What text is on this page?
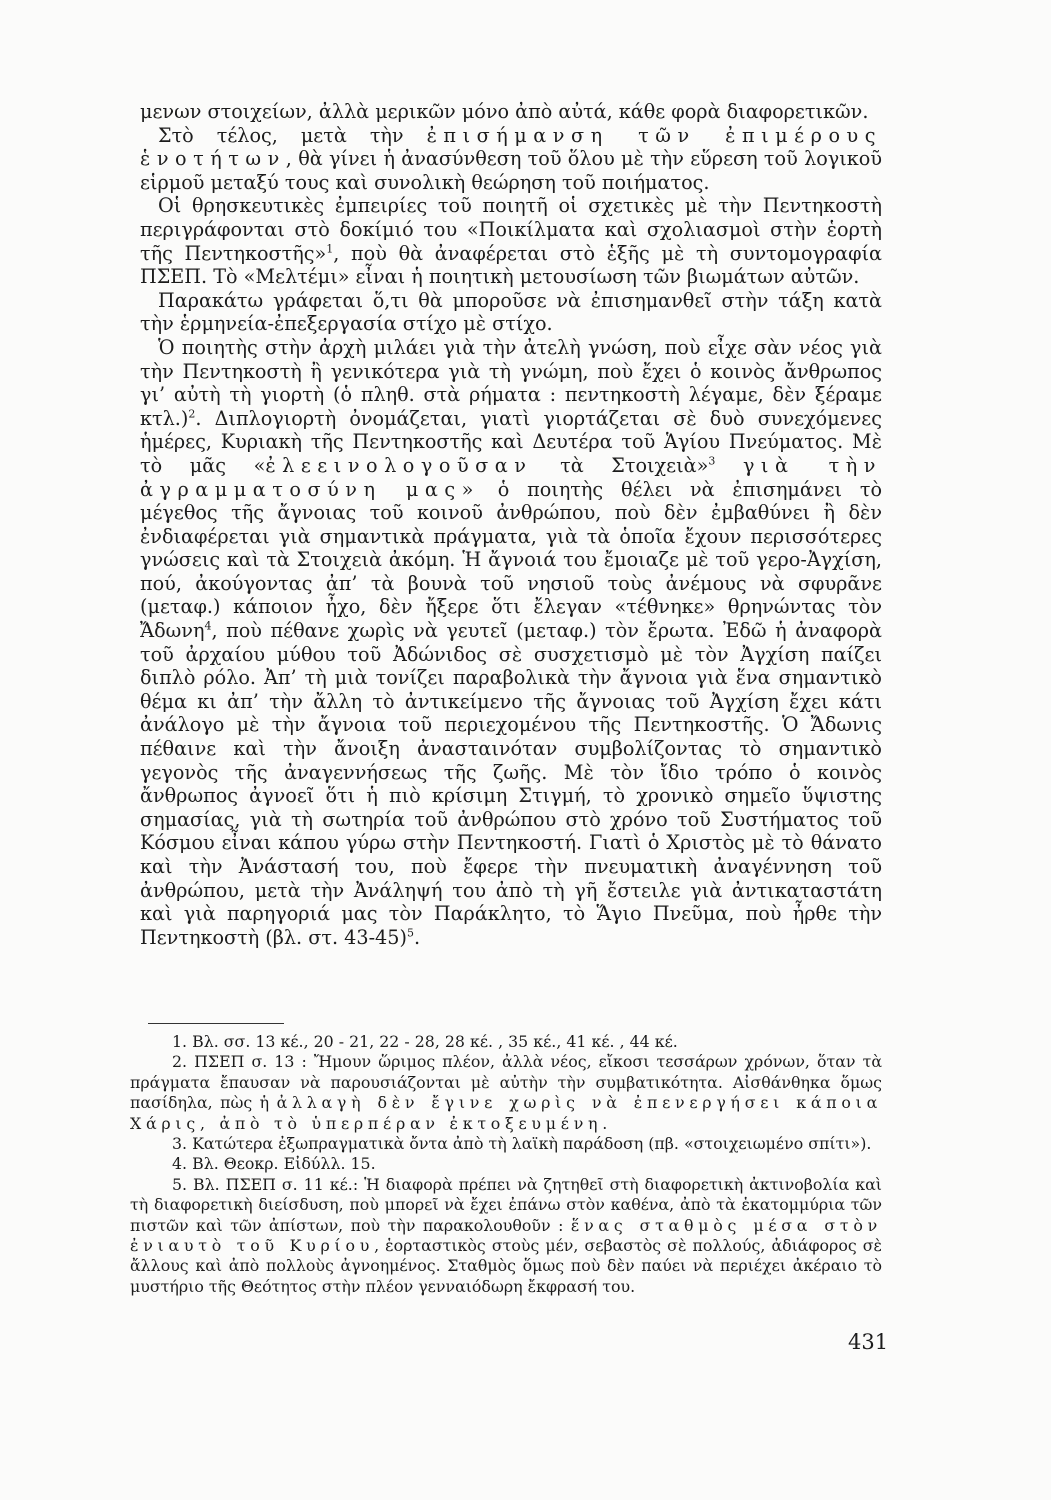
μενων στοιχείων, ἀλλὰ μερικῶν μόνο ἀπὸ αὐτά, κάθε φορὰ διαφορετικῶν.

Στὸ τέλος, μετὰ τὴν ἐπισήμανση τῶν ἐπιμέρους ἑνοτήτων, θὰ γίνει ἡ ἀνασύνθεση τοῦ ὅλου μὲ τὴν εὕρεση τοῦ λογικοῦ εἱρμοῦ μεταξύ τους καὶ συνολικὴ θεώρηση τοῦ ποιήματος.

Οἱ θρησκευτικὲς ἐμπειρίες τοῦ ποιητῆ οἱ σχετικὲς μὲ τὴν Πεντηκοστὴ περιγράφονται στὸ δοκίμιό του «Ποικίλματα καὶ σχολιασμοὶ στὴν ἑορτὴ τῆς Πεντηκοστῆς»$^1$, ποὺ θὰ ἀναφέρεται στὸ ἑξῆς μὲ τὴ συντομογραφία ΠΣΕΠ. Τὸ «Μελτέμι» εἶναι ἡ ποιητικὴ μετουσίωση τῶν βιωμάτων αὐτῶν.

Παρακάτω γράφεται ὅ,τι θὰ μποροῦσε νὰ ἐπισημανθεῖ στὴν τάξη κατὰ τὴν ἑρμηνεία-ἐπεξεργασία στίχο μὲ στίχο.

Ὁ ποιητὴς στὴν ἀρχὴ μιλάει γιὰ τὴν ἀτελὴ γνώση, ποὺ εἶχε σὰν νέος γιὰ τὴν Πεντηκοστὴ ἢ γενικότερα γιὰ τὴ γνώμη, ποὺ ἔχει ὁ κοινὸς ἄνθρωπος γι’ αὐτὴ τὴ γιορτὴ (ὁ πληθ. στὰ ρήματα : πεντηκοστὴ λέγαμε, δὲν ξέραμε κτλ.)$^2$. Διπλογιορτὴ ὀνομάζεται, γιατὶ γιορτάζεται σὲ δυὸ συνεχόμενες ἡμέρες, Κυριακὴ τῆς Πεντηκοστῆς καὶ Δευτέρα τοῦ Ἁγίου Πνεύματος. Μὲ τὸ μᾶς «ἐλεεινολογοῦσαν τὰ Στοιχειὰ»$^3$ γιὰ τὴν ἀγραμματοσύνη μας» ὁ ποιητὴς θέλει νὰ ἐπισημάνει τὸ μέγεθος τῆς ἄγνοιας τοῦ κοινοῦ ἀνθρώπου, ποὺ δὲν ἐμβαθύνει ἢ δὲν ἐνδιαφέρεται γιὰ σημαντικὰ πράγματα, γιὰ τὰ ὁποῖα ἔχουν περισσότερες γνώσεις καὶ τὰ Στοιχειὰ ἀκόμη. Ἡ ἄγνοιά του ἔμοιαζε μὲ τοῦ γερο-Ἀγχίση, πού, ἀκούγοντας ἀπ’ τὰ βουνὰ τοῦ νησιοῦ τοὺς ἀνέμους νὰ σφυρᾶνε (μεταφ.) κάποιον ἦχο, δὲν ἤξερε ὅτι ἔλεγαν «τέθνηκε» θρηνώντας τὸν Ἄδωνη$^4$, ποὺ πέθανε χωρὶς νὰ γευτεῖ (μεταφ.) τὸν ἔρωτα. Ἐδῶ ἡ ἀναφορὰ τοῦ ἀρχαίου μύθου τοῦ Ἀδώνιδος σὲ συσχετισμὸ μὲ τὸν Ἀγχίση παίζει διπλὸ ρόλο. Ἀπ’ τὴ μιὰ τονίζει παραβολικὰ τὴν ἄγνοια γιὰ ἕνα σημαντικὸ θέμα κι ἀπ’ τὴν ἄλλη τὸ ἀντικείμενο τῆς ἄγνοιας τοῦ Ἀγχίση ἔχει κάτι ἀνάλογο μὲ τὴν ἄγνοια τοῦ περιεχομένου τῆς Πεντηκοστῆς. Ὁ Ἄδωνις πέθαινε καὶ τὴν ἄνοιξη ἀνασταινόταν συμβολίζοντας τὸ σημαντικὸ γεγονὸς τῆς ἀναγεννήσεως τῆς ζωῆς. Μὲ τὸν ἴδιο τρόπο ὁ κοινὸς ἄνθρωπος ἀγνοεῖ ὅτι ἡ πιὸ κρίσιμη Στιγμή, τὸ χρονικὸ σημεῖο ὕψιστης σημασίας, γιὰ τὴ σωτηρία τοῦ ἀνθρώπου στὸ χρόνο τοῦ Συστήματος τοῦ Κόσμου εἶναι κάπου γύρω στὴν Πεντηκοστή. Γιατὶ ὁ Χριστὸς μὲ τὸ θάνατο καὶ τὴν Ἀνάστασή του, ποὺ ἔφερε τὴν πνευματικὴ ἀναγέννηση τοῦ ἀνθρώπου, μετὰ τὴν Ἀνάληψή του ἀπὸ τὴ γῆ ἔστειλε γιὰ ἀντικαταστάτη καὶ γιὰ παρηγοριά μας τὸν Παράκλητο, τὸ Ἅγιο Πνεῦμα, ποὺ ἦρθε τὴν Πεντηκοστὴ (βλ. στ. 43-45)$^5$.

1. Βλ. σσ. 13 κέ., 20 - 21, 22 - 28, 28 κέ. , 35 κέ., 41 κέ. , 44 κέ.

2. ΠΣΕΠ σ. 13 : Ἤμουν ὥριμος πλέον, ἀλλὰ νέος, εἴκοσι τεσσάρων χρόνων, ὅταν τὰ πράγματα ἔπαυσαν νὰ παρουσιάζονται μὲ αὐτὴν τὴν συμβατικότητα. Αἰσθάνθηκα ὅμως πασίδηλα, πὼς ἡ ἀλλαγὴ δὲν ἔγινε χωρὶς νὰ ἐπενεργήσει κάποια Χάρις, ἀπὸ τὸ ὑπερπέραν ἐκτοξευμένη.

3. Κατώτερα ἐξωπραγματικὰ ὄντα ἀπὸ τὴ λαϊκὴ παράδοση (πβ. «στοιχειωμένο σπίτι»).

4. Βλ. Θεοκρ. Εἰδύλλ. 15.

5. Βλ. ΠΣΕΠ σ. 11 κέ.: Ἡ διαφορὰ πρέπει νὰ ζητηθεῖ στὴ διαφορετικὴ ἀκτινοβολία καὶ τὴ διαφορετικὴ διείσδυση, ποὺ μπορεῖ νὰ ἔχει ἐπάνω στὸν καθένα, ἀπὸ τὰ ἑκατομμύρια τῶν πιστῶν καὶ τῶν ἀπίστων, ποὺ τὴν παρακολουθοῦν : ἕνας σταθμὸς μέσα στὸν ἐνιαυτὸ τοῦ Κυρίου, ἑορταστικὸς στοὺς μέν, σεβαστὸς σὲ πολλούς, ἀδιάφορος σὲ ἄλλους καὶ ἀπὸ πολλοὺς ἀγνοημένος. Σταθμὸς ὅμως ποὺ δὲν παύει νὰ περιέχει ἀκέραιο τὸ μυστήριο τῆς Θεότητος στὴν πλέον γενναιόδωρη ἔκφρασή του.

431
